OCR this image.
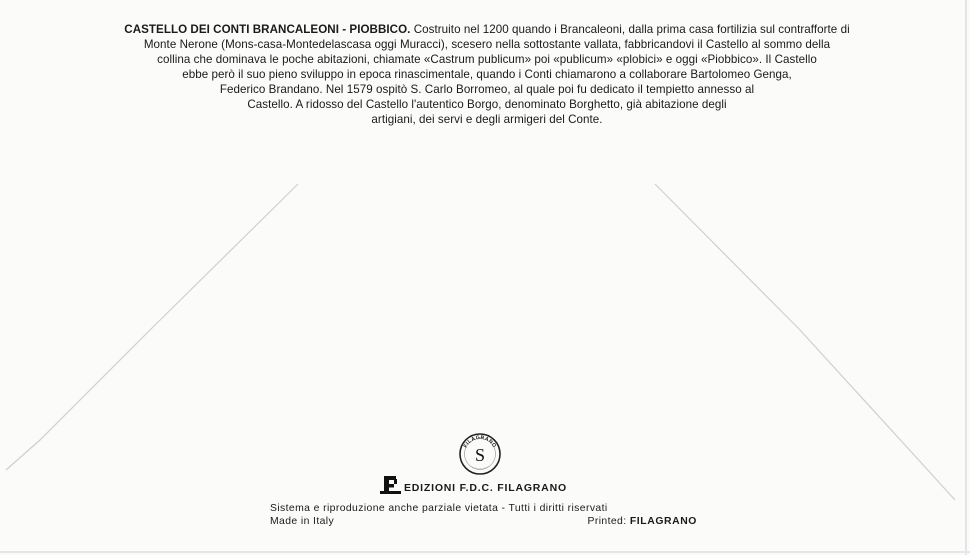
CASTELLO DEI CONTI BRANCALEONI - PIOBBICO. Costruito nel 1200 quando i Brancaleoni, dalla prima casa fortilizia sul contrafforte di
Monte Nerone (Mons-casa-Montedelascasa oggi Muracci), scesero nella sottostante vallata, fabbricandovi il Castello al sommo della
collina che dominava le poche abitazioni, chiamate «Castrum publicum» poi «publicum» «plobici» e oggi «Piobbico». Il Castello
ebbe però il suo pieno sviluppo in epoca rinascimentale, quando i Conti chiamarono a collaborare Bartolomeo Genga,
Federico Brandano. Nel 1579 ospitò S. Carlo Borromeo, al quale poi fu dedicato il tempietto annesso al
Castello. A ridosso del Castello l'autentico Borgo, denominato Borghetto, già abitazione degli
artigiani, dei servi e degli armigeri del Conte.
FILAGRANO
S
EDIZIONI F.D.C. FILAGRANO
Sistema e riproduzione anche parziale vietata - Tutti i diritti riservati
Made in Italy	Printed: FILAGRANO
